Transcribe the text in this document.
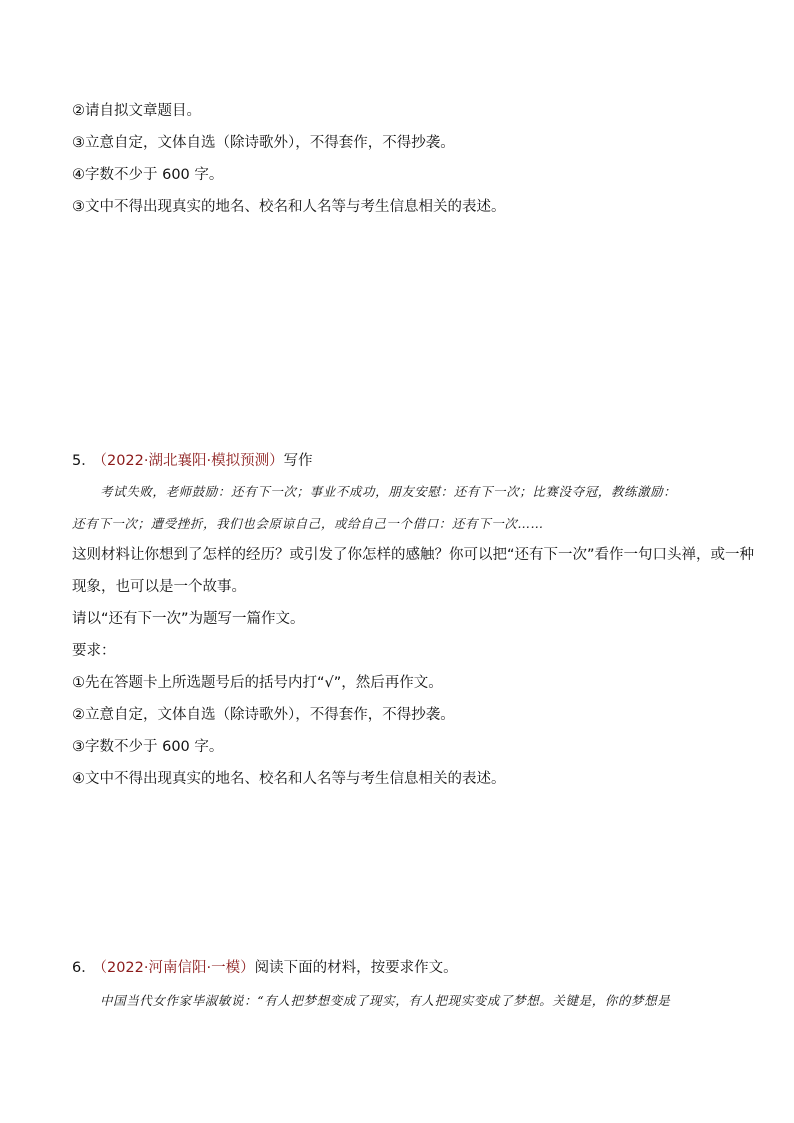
②请自拟文章题目。
③立意自定，文体自选（除诗歌外），不得套作，不得抄袭。
④字数不少于 600 字。
③文中不得出现真实的地名、校名和人名等与考生信息相关的表述。
5． （2022·湖北襄阳·模拟预测）写作
考试失败，老师鼓励：还有下一次；事业不成功，朋友安慰：还有下一次；比赛没夺冠，教练激励：
还有下一次；遭受挫折，我们也会原谅自己，或给自己一个借口：还有下一次……
这则材料让你想到了怎样的经历？或引发了你怎样的感触？你可以把“还有下一次”看作一句口头禅，或一种
现象，也可以是一个故事。
请以“还有下一次”为题写一篇作文。
要求：
①先在答题卡上所选题号后的括号内打“√”，然后再作文。
②立意自定，文体自选（除诗歌外），不得套作，不得抄袭。
③字数不少于 600 字。
④文中不得出现真实的地名、校名和人名等与考生信息相关的表述。
6． （2022·河南信阳·一模）阅读下面的材料，按要求作文。
中国当代女作家毕淑敏说：“有人把梦想变成了现实，有人把现实变成了梦想。关键是，你的梦想是
